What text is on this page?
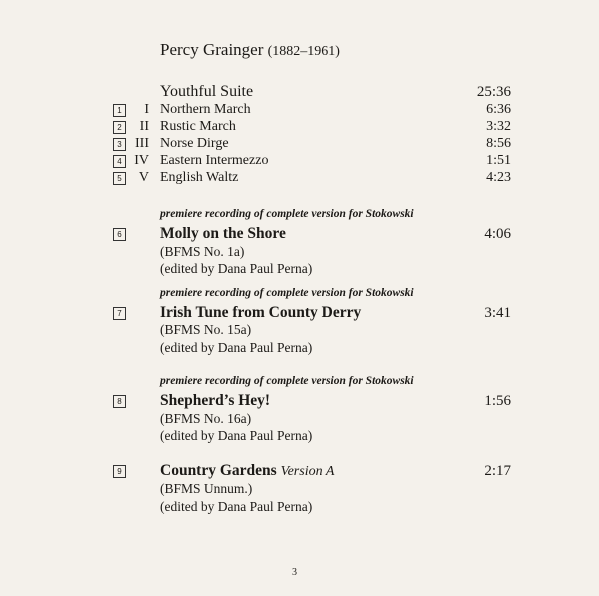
Percy Grainger (1882–1961)
Youthful Suite	25:36
1	I Northern March	6:36
2	II Rustic March	3:32
3 III Norse Dirge	8:56
4 IV Eastern Intermezzo	1:51
5	V English Waltz	4:23
premiere recording of complete version for Stokowski
6 Molly on the Shore	4:06
(BFMS No. 1a)
(edited by Dana Paul Perna)
premiere recording of complete version for Stokowski
7 Irish Tune from County Derry	3:41
(BFMS No. 15a)
(edited by Dana Paul Perna)
premiere recording of complete version for Stokowski
8 Shepherd’s Hey!	1:56
(BFMS No. 16a)
(edited by Dana Paul Perna)
9 Country Gardens Version A	2:17
(BFMS Unnum.)
(edited by Dana Paul Perna)
3
